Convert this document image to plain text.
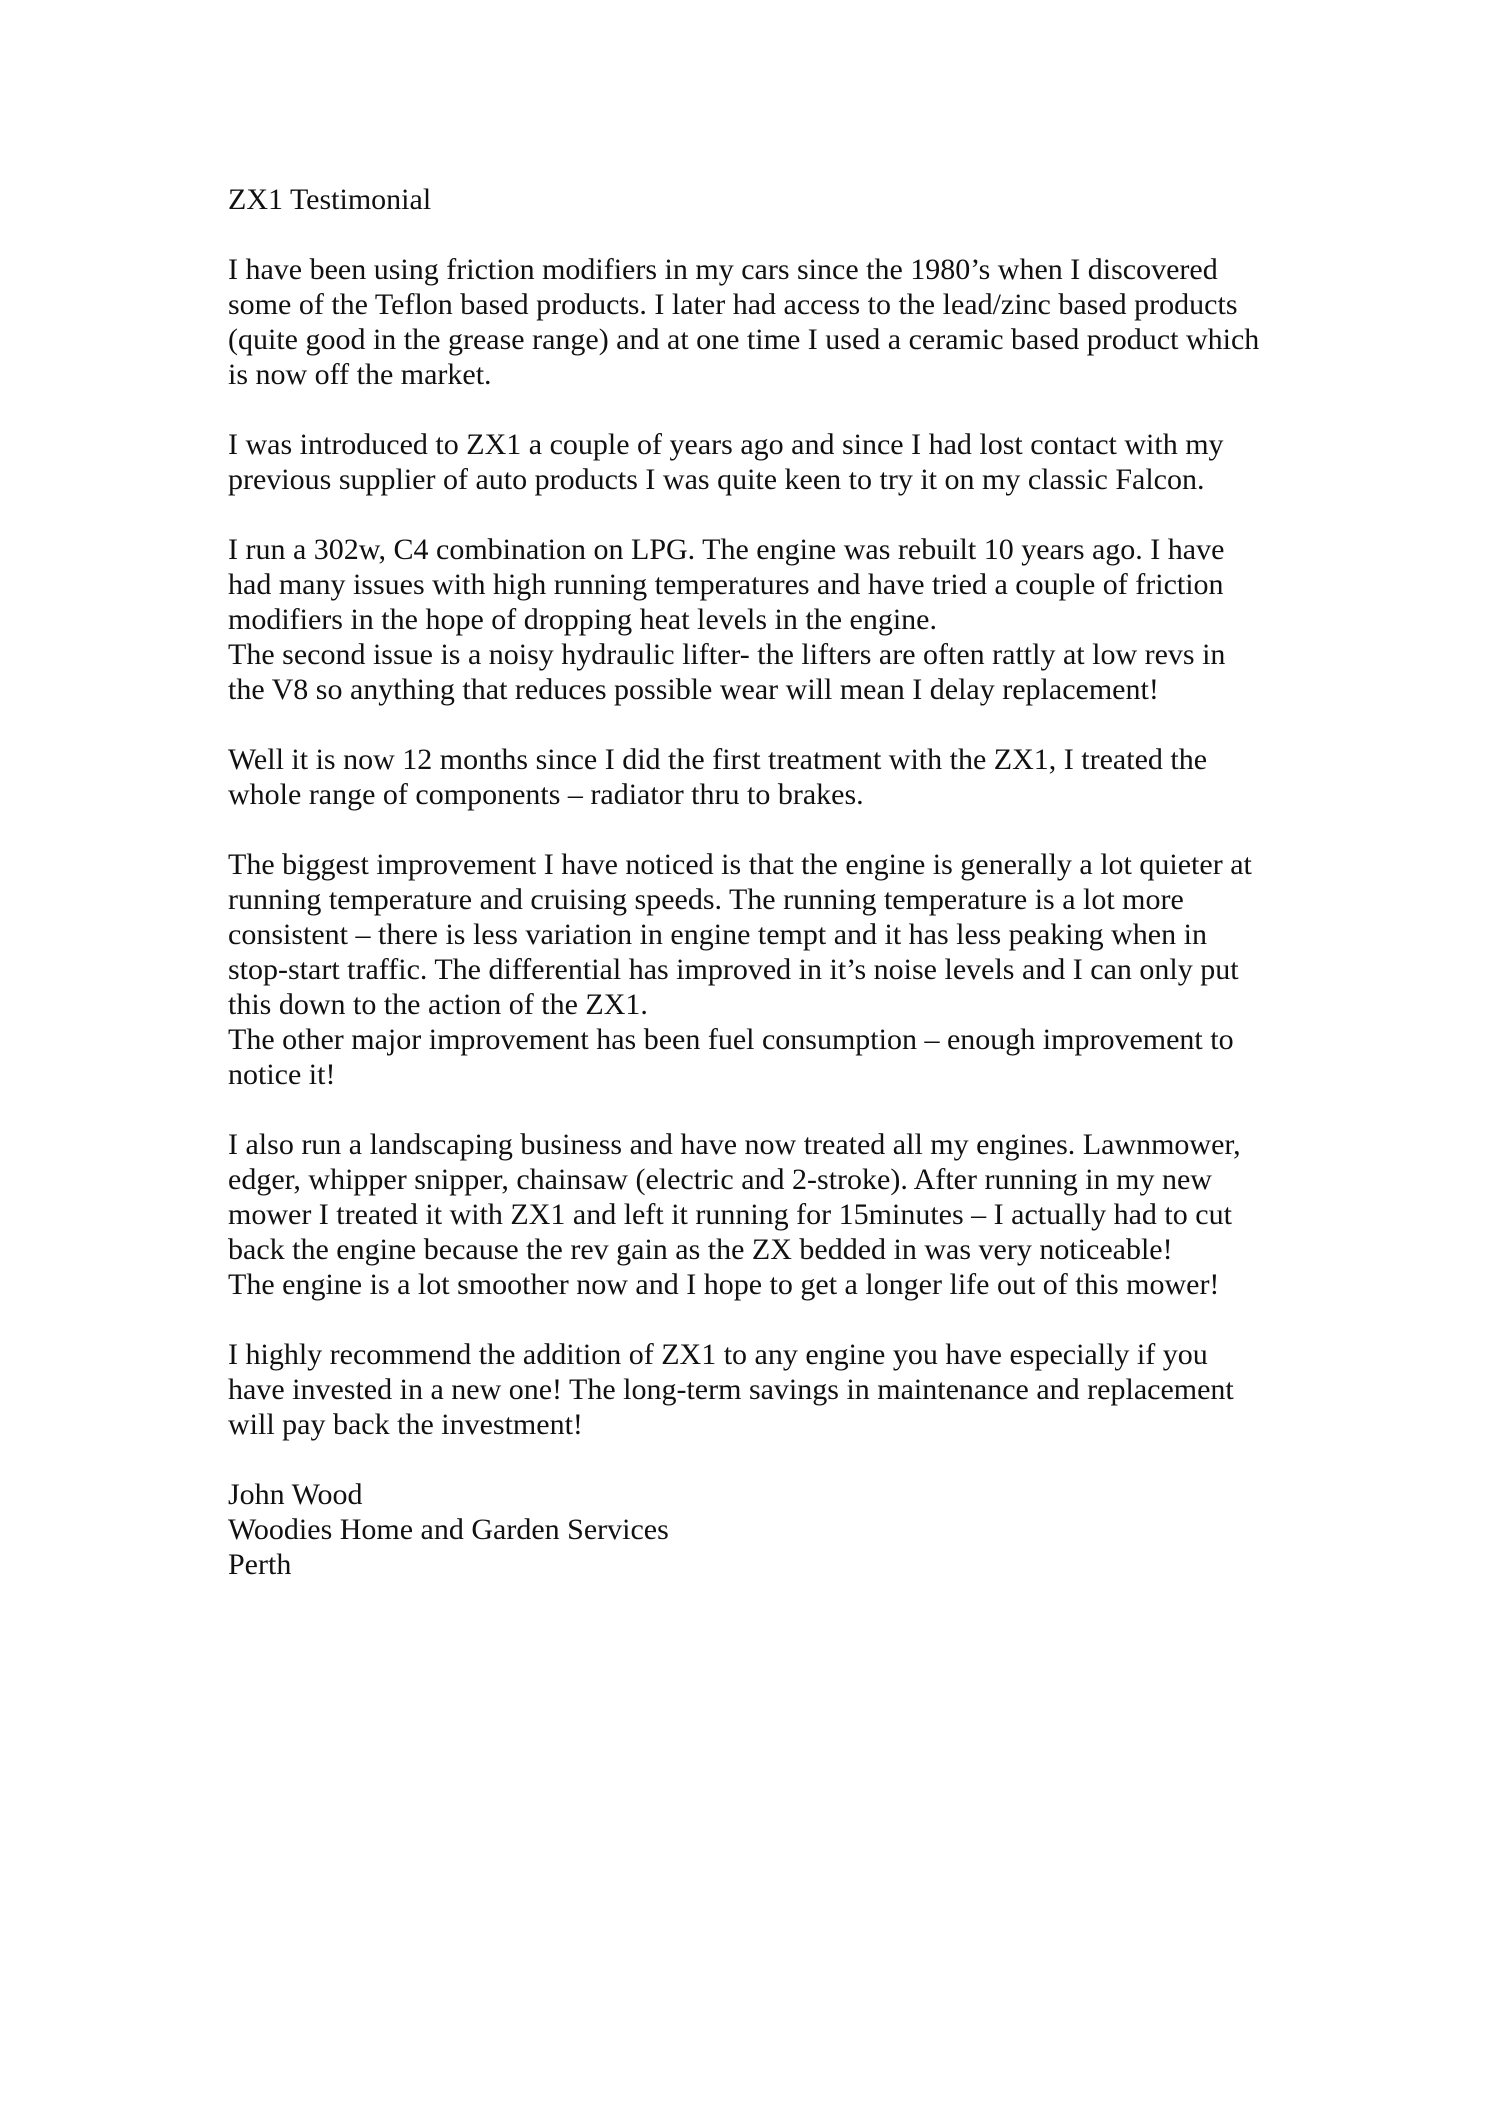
ZX1 Testimonial
I have been using friction modifiers in my cars since the 1980’s when I discovered
some of the Teflon based products. I later had access to the lead/zinc based products
(quite good in the grease range) and at one time I used a ceramic based product which
is now off the market.
I was introduced to ZX1 a couple of years ago and since I had lost contact with my
previous supplier of auto products I was quite keen to try it on my classic Falcon.
I run a 302w, C4 combination on LPG. The engine was rebuilt 10 years ago. I have
had many issues with high running temperatures and have tried a couple of friction
modifiers in the hope of dropping heat levels in the engine.
The second issue is a noisy hydraulic lifter- the lifters are often rattly at low revs in
the V8 so anything that reduces possible wear will mean I delay replacement!
Well it is now 12 months since I did the first treatment with the ZX1, I treated the
whole range of components – radiator thru to brakes.
The biggest improvement I have noticed is that the engine is generally a lot quieter at
running temperature and cruising speeds. The running temperature is a lot more
consistent – there is less variation in engine tempt and it has less peaking when in
stop-start traffic. The differential has improved in it’s noise levels and I can only put
this down to the action of the ZX1.
The other major improvement has been fuel consumption – enough improvement to
notice it!
I also run a landscaping business and have now treated all my engines. Lawnmower,
edger, whipper snipper, chainsaw (electric and 2-stroke). After running in my new
mower I treated it with ZX1 and left it running for 15minutes – I actually had to cut
back the engine because the rev gain as the ZX bedded in was very noticeable!
The engine is a lot smoother now and I hope to get a longer life out of this mower!
I highly recommend the addition of ZX1 to any engine you have especially if you
have invested in a new one! The long-term savings in maintenance and replacement
will pay back the investment!
John Wood
Woodies Home and Garden Services
Perth
